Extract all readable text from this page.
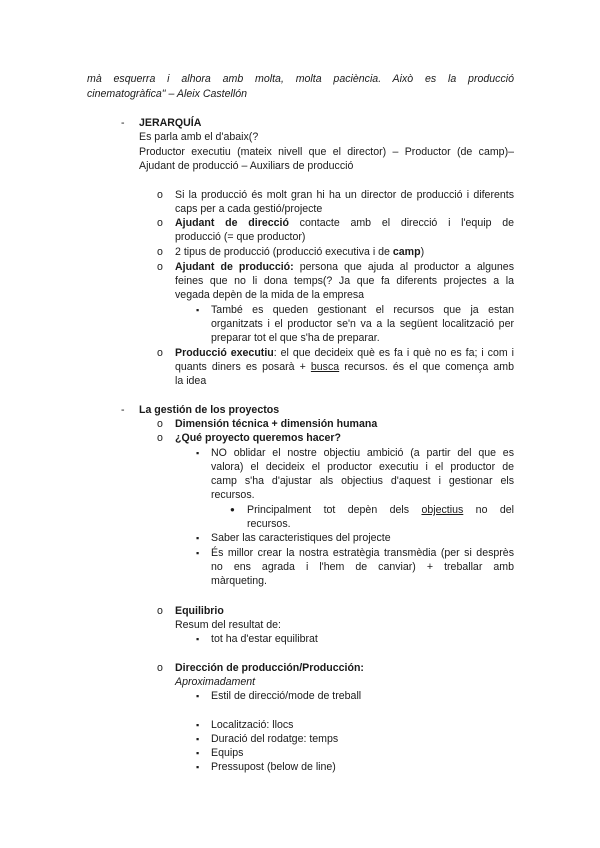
mà esquerra i alhora amb molta, molta paciència. Això es la producció
cinematogràfica" – Aleix Castellón
- JERARQUÍA
Es parla amb el d'abaix(?
Productor executiu (mateix nivell que el director) – Productor (de camp)–
Ajudant de producció – Auxiliars de producció
o Si la producció és molt gran hi ha un director de producció i diferents
caps per a cada gestió/projecte
o Ajudant de direcció contacte amb el direcció i l'equip de
producció (= que productor)
o 2 tipus de producció (producció executiva i de camp)
o Ajudant de producció: persona que ajuda al productor a algunes
feines que no li dona temps(? Ja que fa diferents projectes a la
vegada depèn de la mida de la empresa
▪ També es queden gestionant el recursos que ja estan
organitzats i el productor se'n va a la següent localització per
preparar tot el que s'ha de preparar.
o Producció executiu: el que decideix què es fa i què no es fa; i com i
quants diners es posarà + busca recursos. és el que comença amb
la idea
- La gestión de los proyectos
o Dimensión técnica + dimensión humana
o ¿Qué proyecto queremos hacer?
▪ NO oblidar el nostre objectiu ambició (a partir del que es
valora) el decideix el productor executiu i el productor de
camp s'ha d'ajustar als objectius d'aquest i gestionar els
recursos.
● Principalment tot depèn dels objectius no del
recursos.
▪ Saber las caracteristiques del projecte
▪ És millor crear la nostra estratègia transmèdia (per si desprès
no ens agrada i l'hem de canviar) + treballar amb
màrqueting.
o Equilibrio
Resum del resultat de:
▪ tot ha d'estar equilibrat
o Dirección de producción/Producción:
Aproximadament
▪ Estil de direcció/mode de treball
▪ Localització: llocs
▪ Duració del rodatge: temps
▪ Equips
▪ Pressupost (below de line)
